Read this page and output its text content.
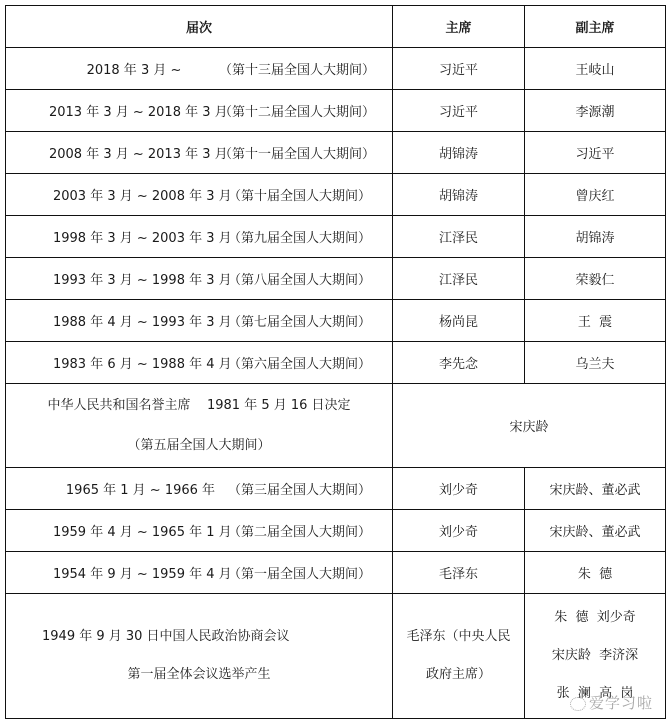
届次	主席	副主席
2018 年 3 月 ~ （第十三届全国人大期间）	习近平	王岐山
2013 年 3 月 ~ 2018 年 3 月（第十二届全国人大期间）	习近平	李源潮
2008 年 3 月 ~ 2013 年 3 月（第十一届全国人大期间）	胡锦涛	习近平
2003 年 3 月 ~ 2008 年 3 月（第十届全国人大期间）	胡锦涛	曾庆红
1998 年 3 月 ~ 2003 年 3 月（第九届全国人大期间）	江泽民	胡锦涛
1993 年 3 月 ~ 1998 年 3 月（第八届全国人大期间）	江泽民	荣毅仁
1988 年 4 月 ~ 1993 年 3 月（第七届全国人大期间）	杨尚昆	王  震
1983 年 6 月 ~ 1988 年 4 月（第六届全国人大期间）	李先念	乌兰夫

中华人民共和国名誉主席    1981 年 5 月 16 日决定
（第五届全国人大期间）	宋庆龄	
1965 年 1 月 ~ 1966 年 （第三届全国人大期间）	刘少奇	宋庆龄、董必武
1959 年 4 月 ~ 1965 年 1 月（第二届全国人大期间）	刘少奇	宋庆龄、董必武
1954 年 9 月 ~ 1959 年 4 月（第一届全国人大期间）	毛泽东	朱  德

1949 年 9 月 30 日中国人民政治协商会议
第一届全体会议选举产生	毛泽东（中央人民
政府主席）	朱  德  刘少奇
宋庆龄  李济深
张  澜  高  岗
爱学习啦
